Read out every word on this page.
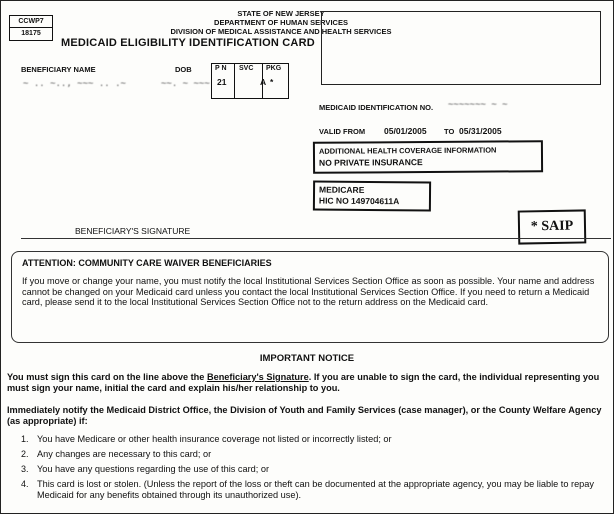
CCWP7
18175
STATE OF NEW JERSEY
DEPARTMENT OF HUMAN SERVICES
DIVISION OF MEDICAL ASSISTANCE AND HEALTH SERVICES
MEDICAID ELIGIBILITY IDENTIFICATION CARD
BENEFICIARY NAME
~ .. ~.., ~~~ .. .~
DOB
~~. ~ ~~~
P N SVC PKG
21	A *
MEDICAID IDENTIFICATION NO. ~~~~~~~ ~ ~
VALID FROM 05/01/2005 TO 05/31/2005
ADDITIONAL HEALTH COVERAGE INFORMATION
NO PRIVATE INSURANCE
MEDICARE
HIC NO 149704611A
* SAIP
BENEFICIARY'S SIGNATURE
ATTENTION: COMMUNITY CARE WAIVER BENEFICIARIES
If you move or change your name, you must notify the local Institutional Services Section Office as soon as possible. Your name and address cannot be changed on your Medicaid card unless you contact the local Institutional Services Section Office. If you need to return a Medicaid card, please send it to the local Institutional Services Section Office not to the return address on the Medicaid card.
IMPORTANT NOTICE
You must sign this card on the line above the Beneficiary's Signature. If you are unable to sign the card, the individual representing you must sign your name, initial the card and explain his/her relationship to you.
Immediately notify the Medicaid District Office, the Division of Youth and Family Services (case manager), or the County Welfare Agency (as appropriate) if:
1. You have Medicare or other health insurance coverage not listed or incorrectly listed; or
2. Any changes are necessary to this card; or
3. You have any questions regarding the use of this card; or
4. This card is lost or stolen. (Unless the report of the loss or theft can be documented at the appropriate agency, you may be liable to repay Medicaid for any benefits obtained through its unauthorized use).
